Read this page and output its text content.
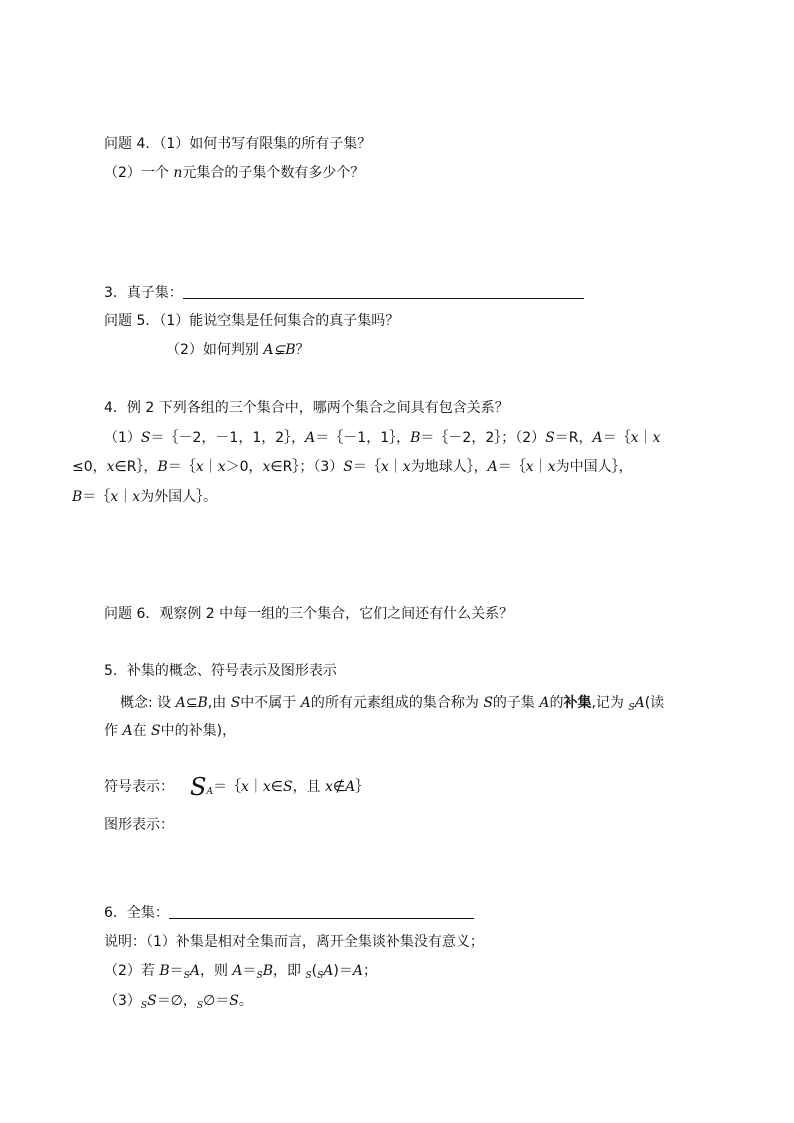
问题 4．（1）如何书写有限集的所有子集？
（2）一个 n元集合的子集个数有多少个？
3．真子集：
问题 5．（1）能说空集是任何集合的真子集吗？
（2）如何判别 A⊊B？
4．例 2 下列各组的三个集合中，哪两个集合之间具有包含关系？
（1）S＝｛－2，－1，1，2｝，A＝｛－1，1｝，B＝｛－2，2｝；（2）S＝R，A＝｛x｜x
≤0，x∈R｝，B＝｛x｜x＞0，x∈R｝；（3）S＝｛x｜x为地球人｝，A＝｛x｜x为中国人｝，
B＝｛x｜x为外国人｝。
问题 6．观察例 2 中每一组的三个集合，它们之间还有什么关系？
5．补集的概念、符号表示及图形表示
概念: 设 A⊆B,由 S中不属于 A的所有元素组成的集合称为 S的子集 A的补集,记为 $_S$A(读
作 A在 S中的补集)，
符号表示： $S_A=\{x|x\in S$，且 x∉A｝
图形表示：
6．全集：
说明：（1）补集是相对全集而言，离开全集谈补集没有意义；
（2）若 $B=_SA$，则 $A=_SB$，即 $_S(_SA)=A$；
$(3)_SS=\emptyset$，$_S$∅＝S。
